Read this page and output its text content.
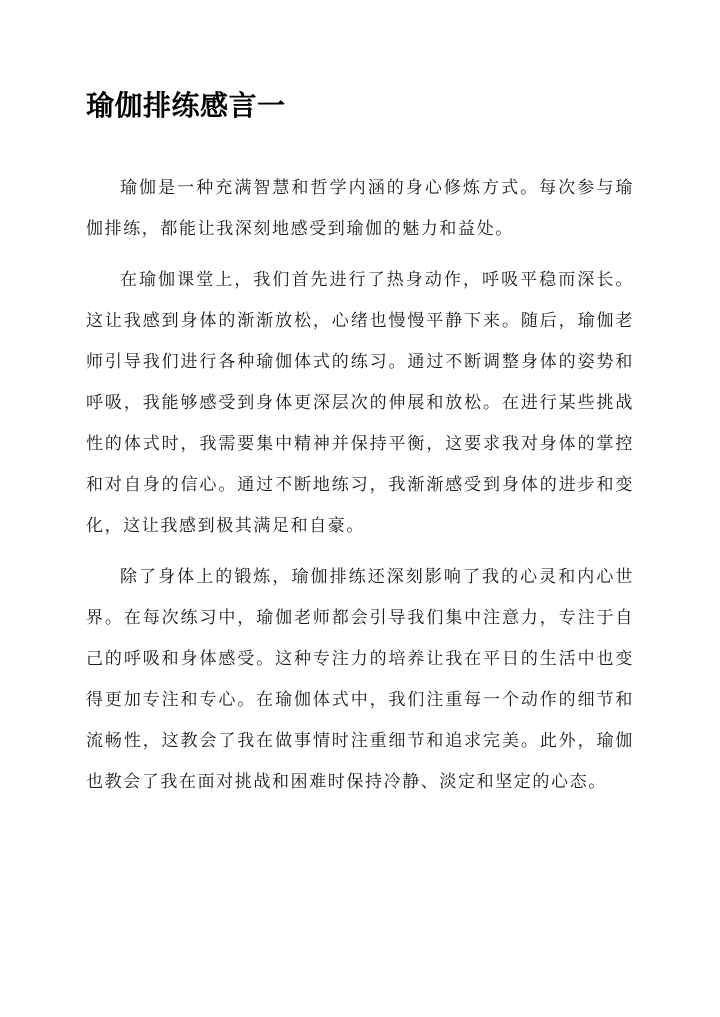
瑜伽排练感言一

瑜伽是一种充满智慧和哲学内涵的身心修炼方式。每次参与瑜伽排练，都能让我深刻地感受到瑜伽的魅力和益处。

在瑜伽课堂上，我们首先进行了热身动作，呼吸平稳而深长。这让我感到身体的渐渐放松，心绪也慢慢平静下来。随后，瑜伽老师引导我们进行各种瑜伽体式的练习。通过不断调整身体的姿势和呼吸，我能够感受到身体更深层次的伸展和放松。在进行某些挑战性的体式时，我需要集中精神并保持平衡，这要求我对身体的掌控和对自身的信心。通过不断地练习，我渐渐感受到身体的进步和变化，这让我感到极其满足和自豪。

除了身体上的锻炼，瑜伽排练还深刻影响了我的心灵和内心世界。在每次练习中，瑜伽老师都会引导我们集中注意力，专注于自己的呼吸和身体感受。这种专注力的培养让我在平日的生活中也变得更加专注和专心。在瑜伽体式中，我们注重每一个动作的细节和流畅性，这教会了我在做事情时注重细节和追求完美。此外，瑜伽也教会了我在面对挑战和困难时保持冷静、淡定和坚定的心态。
